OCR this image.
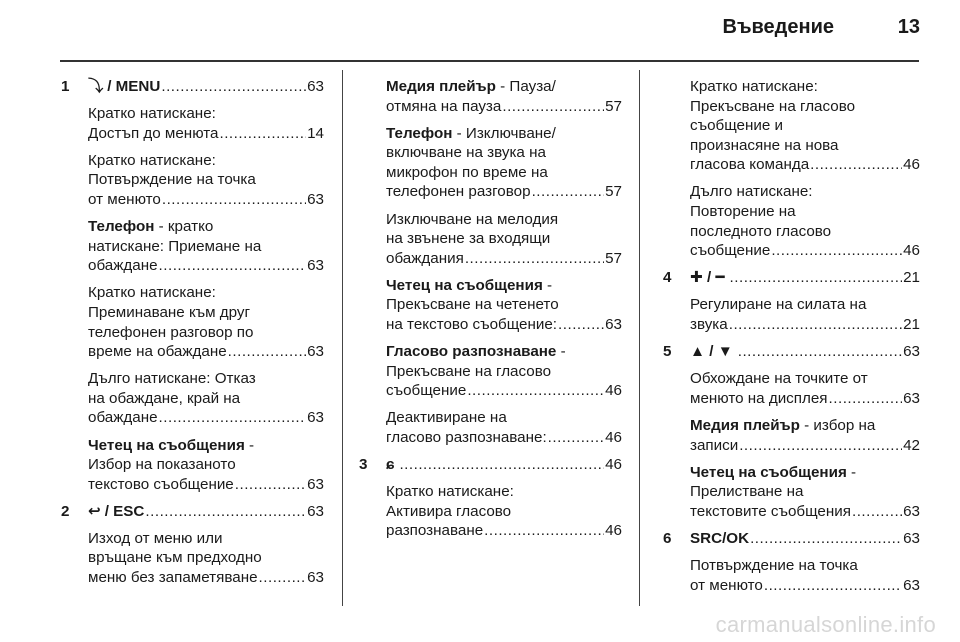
Въведение	13
1 ⤵ / MENU .....	63
Кратко натискане:
Достъп до менюта .....	14
Кратко натискане:
Потвърждение на точка
от менюто .....	63
Телефон - кратко
натискане: Приемане на
обаждане .....	63
Кратко натискане:
Преминаване към друг
телефонен разговор по
време на обаждане .....	63
Дълго натискане: Отказ
на обаждане, край на
обаждане .....	63
Четец на съобщения -
Избор на показаното
текстово съобщение .....	63
2 ↩ / ESC .....	63
Изход от меню или
връщане към предходно
меню без запаметяване .....	63
Медия плейър - Пауза/
отмяна на пауза .....	57
Телефон - Изключване/
включване на звука на
микрофон по време на
телефонен разговор .....	57
Изключване на мелодия
на звънене за входящи
обаждания .....	57
Четец на съобщения -
Прекъсване на четенето
на текстово съобщение: .....	63
Гласово разпознаване -
Прекъсване на гласово
съобщение .....	46
Деактивиране на
гласово разпознаване: .....	46
3 ɕ .....	46
Кратко натискане:
Активира гласово
разпознаване .....	46
Кратко натискане:
Прекъсване на гласово
съобщение и
произнасяне на нова
гласова команда .....	46
Дълго натискане:
Повторение на
последното гласово
съобщение .....	46
4 ✚ / ━ .....	21
Регулиране на силата на
звука .....	21
5 ▲ / ▼ .....	63
Обхождане на точките от
менюто на дисплея .....	63
Медия плейър - избор на
записи .....	42
Четец на съобщения -
Прелистване на
текстовите съобщения .....	63
6 SRC/OK .....	63
Потвърждение на точка
от менюто .....	63
carmanualsonline.info
